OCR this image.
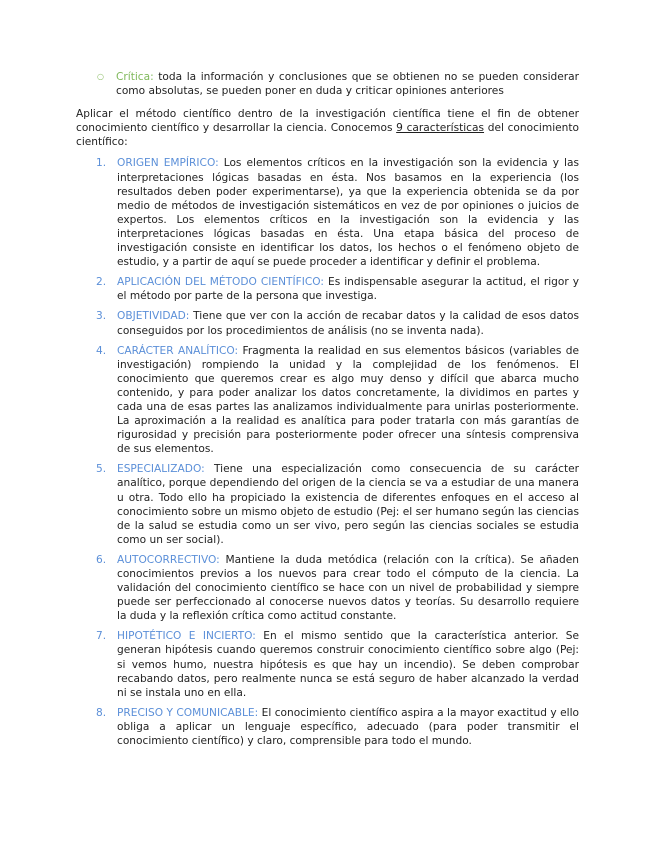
○ Crítica: toda la información y conclusiones que se obtienen no se pueden considerar como absolutas, se pueden poner en duda y criticar opiniones anteriores

Aplicar el método científico dentro de la investigación científica tiene el fin de obtener conocimiento científico y desarrollar la ciencia. Conocemos 9 características del conocimiento científico:

1. ORIGEN EMPÍRICO: Los elementos críticos en la investigación son la evidencia y las interpretaciones lógicas basadas en ésta. Nos basamos en la experiencia (los resultados deben poder experimentarse), ya que la experiencia obtenida se da por medio de métodos de investigación sistemáticos en vez de por opiniones o juicios de expertos. Los elementos críticos en la investigación son la evidencia y las interpretaciones lógicas basadas en ésta. Una etapa básica del proceso de investigación consiste en identificar los datos, los hechos o el fenómeno objeto de estudio, y a partir de aquí se puede proceder a identificar y definir el problema.
2. APLICACIÓN DEL MÉTODO CIENTÍFICO: Es indispensable asegurar la actitud, el rigor y el método por parte de la persona que investiga.
3. OBJETIVIDAD: Tiene que ver con la acción de recabar datos y la calidad de esos datos conseguidos por los procedimientos de análisis (no se inventa nada).
4. CARÁCTER ANALÍTICO: Fragmenta la realidad en sus elementos básicos (variables de investigación) rompiendo la unidad y la complejidad de los fenómenos. El conocimiento que queremos crear es algo muy denso y difícil que abarca mucho contenido, y para poder analizar los datos concretamente, la dividimos en partes y cada una de esas partes las analizamos individualmente para unirlas posteriormente. La aproximación a la realidad es analítica para poder tratarla con más garantías de rigurosidad y precisión para posteriormente poder ofrecer una síntesis comprensiva de sus elementos.
5. ESPECIALIZADO: Tiene una especialización como consecuencia de su carácter analítico, porque dependiendo del origen de la ciencia se va a estudiar de una manera u otra. Todo ello ha propiciado la existencia de diferentes enfoques en el acceso al conocimiento sobre un mismo objeto de estudio (Pej: el ser humano según las ciencias de la salud se estudia como un ser vivo, pero según las ciencias sociales se estudia como un ser social).
6. AUTOCORRECTIVO: Mantiene la duda metódica (relación con la crítica). Se añaden conocimientos previos a los nuevos para crear todo el cómputo de la ciencia. La validación del conocimiento científico se hace con un nivel de probabilidad y siempre puede ser perfeccionado al conocerse nuevos datos y teorías. Su desarrollo requiere la duda y la reflexión crítica como actitud constante.
7. HIPOTÉTICO E INCIERTO: En el mismo sentido que la característica anterior. Se generan hipótesis cuando queremos construir conocimiento científico sobre algo (Pej: si vemos humo, nuestra hipótesis es que hay un incendio). Se deben comprobar recabando datos, pero realmente nunca se está seguro de haber alcanzado la verdad ni se instala uno en ella.
8. PRECISO Y COMUNICABLE: El conocimiento científico aspira a la mayor exactitud y ello obliga a aplicar un lenguaje específico, adecuado (para poder transmitir el conocimiento científico) y claro, comprensible para todo el mundo.
